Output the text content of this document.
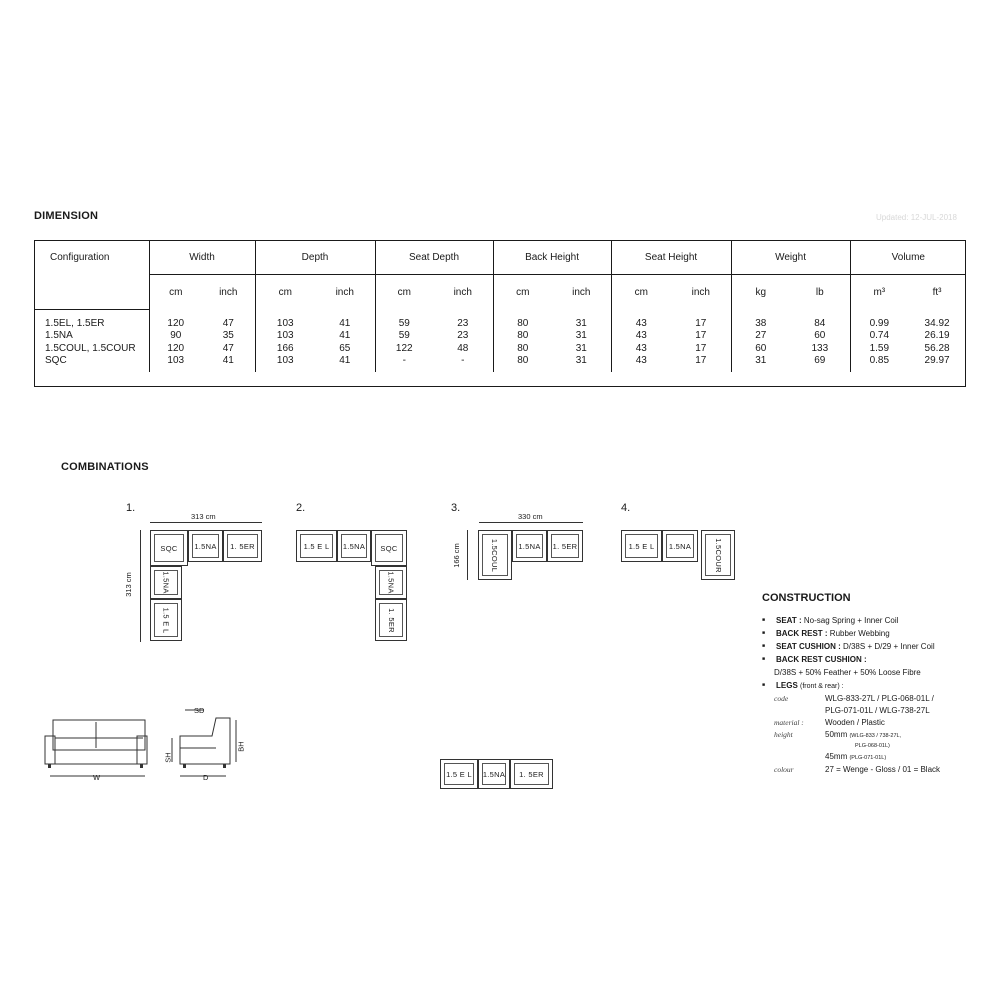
DIMENSION	Updated: 12-JUL-2018
Configuration	Width		Depth		Seat Depth		Back Height		Seat Height		Weight		Volume	
	cm	inch	cm	inch	cm	inch	cm	inch	cm	inch	kg	lb	m³	ft³
1.5EL, 1.5ER	120	47	103	41	59	23	80	31	43	17	38	84	0.99	34.92
1.5NA	90	35	103	41	59	23	80	31	43	17	27	60	0.74	26.19
1.5COUL, 1.5COUR	120	47	166	65	122	48	80	31	43	17	60	133	1.59	56.28
SQC	103	41	103	41	-	-	80	31	43	17	31	69	0.85	29.97
COMBINATIONS
1.
313 cm
313 cm
SQC 1.5NA 1. 5ER
1.5NA
1.5 E L
2.
1.5 E L 1.5NA SQC
1.5NA
1. 5ER
3.
330 cm
166 cm	1.5COUL	1.5NA 1. 5ER
4.
1.5 E L 1.5NA	1.5COUR
1.5 E L 1.5NA 1. 5ER
W	D
SD
SH
BH
CONSTRUCTION
■ SEAT : No-sag Spring + Inner Coil
■ BACK REST : Rubber Webbing
■ SEAT CUSHION : D/38S + D/29 + Inner Coil
■ BACK REST CUSHION :
D/38S + 50% Feather + 50% Loose Fibre
■ LEGS (front & rear) :
code	WLG-833-27L / PLG-068-01L /
PLG-071-01L / WLG-738-27L
material :	Wooden / Plastic
height	50mm (WLG-833 / 738-27L,
PLG-068-01L)
45mm (PLG-071-01L)
colour	27 = Wenge - Gloss / 01 = Black
